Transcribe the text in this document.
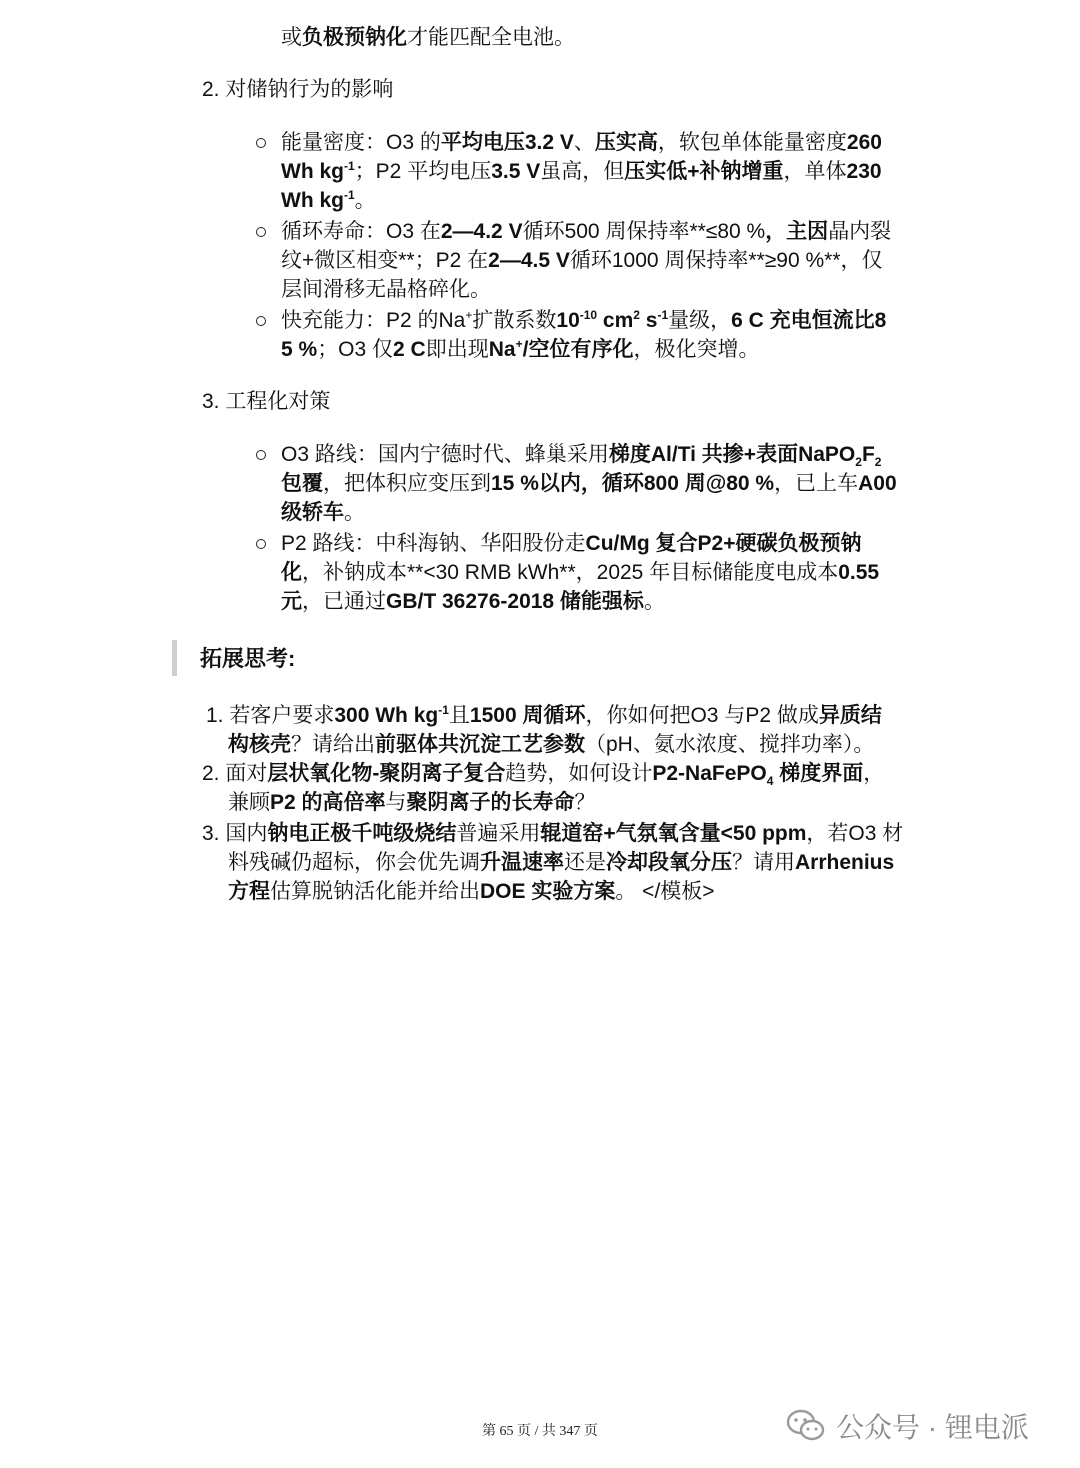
或负极预钠化才能匹配全电池。
2. 对储钠行为的影响
能量密度：O3 的平均电压3.2 V、压实高，软包单体能量密度260
Wh $kg^{-1}$；P2 平均电压3.5 V虽高，但压实低+补钠增重，单体230
Wh $kg^{-1}$。
循环寿命：O3 在2—4.2 V循环500 周保持率**≤80 %，主因晶内裂
纹+微区相变**；P2 在2—4.5 V循环1000 周保持率**≥90 %**，仅
层间滑移无晶格碎化。
快充能力：P2 的Na+扩散系数$10^{-10}$ $cm^2$ $s^{-1}$量级，6 C 充电恒流比8
5 %；O3 仅2 C即出现Na+/空位有序化，极化突增。
3. 工程化对策
O3 路线：国内宁德时代、蜂巢采用梯度Al/Ti 共掺+表面$NaPO_2F_2$
包覆，把体积应变压到15 %以内，循环800 周@80 %，已上车A00
级轿车。
P2 路线：中科海钠、华阳股份走Cu/Mg 复合P2+硬碳负极预钠
化，补钠成本**<30 RMB kWh**，2025 年目标储能度电成本0.55
元，已通过GB/T 36276-2018 储能强标。
拓展思考:
1. 若客户要求300 Wh $kg^{-1}$且1500 周循环，你如何把O3 与P2 做成异质结
构核壳？请给出前驱体共沉淀工艺参数（pH、氨水浓度、搅拌功率）。
2. 面对层状氧化物-聚阴离子复合趋势，如何设计P2-NaFePO$_4$ 梯度界面，
兼顾P2 的高倍率与聚阴离子的长寿命？
3. 国内钠电正极千吨级烧结普遍采用辊道窑+气氛氧含量<50 ppm，若O3 材
料残碱仍超标，你会优先调升温速率还是冷却段氧分压？请用Arrhenius
方程估算脱钠活化能并给出DOE 实验方案。 </模板>
第 65 页 / 共 347 页	公众号 · 锂电派
